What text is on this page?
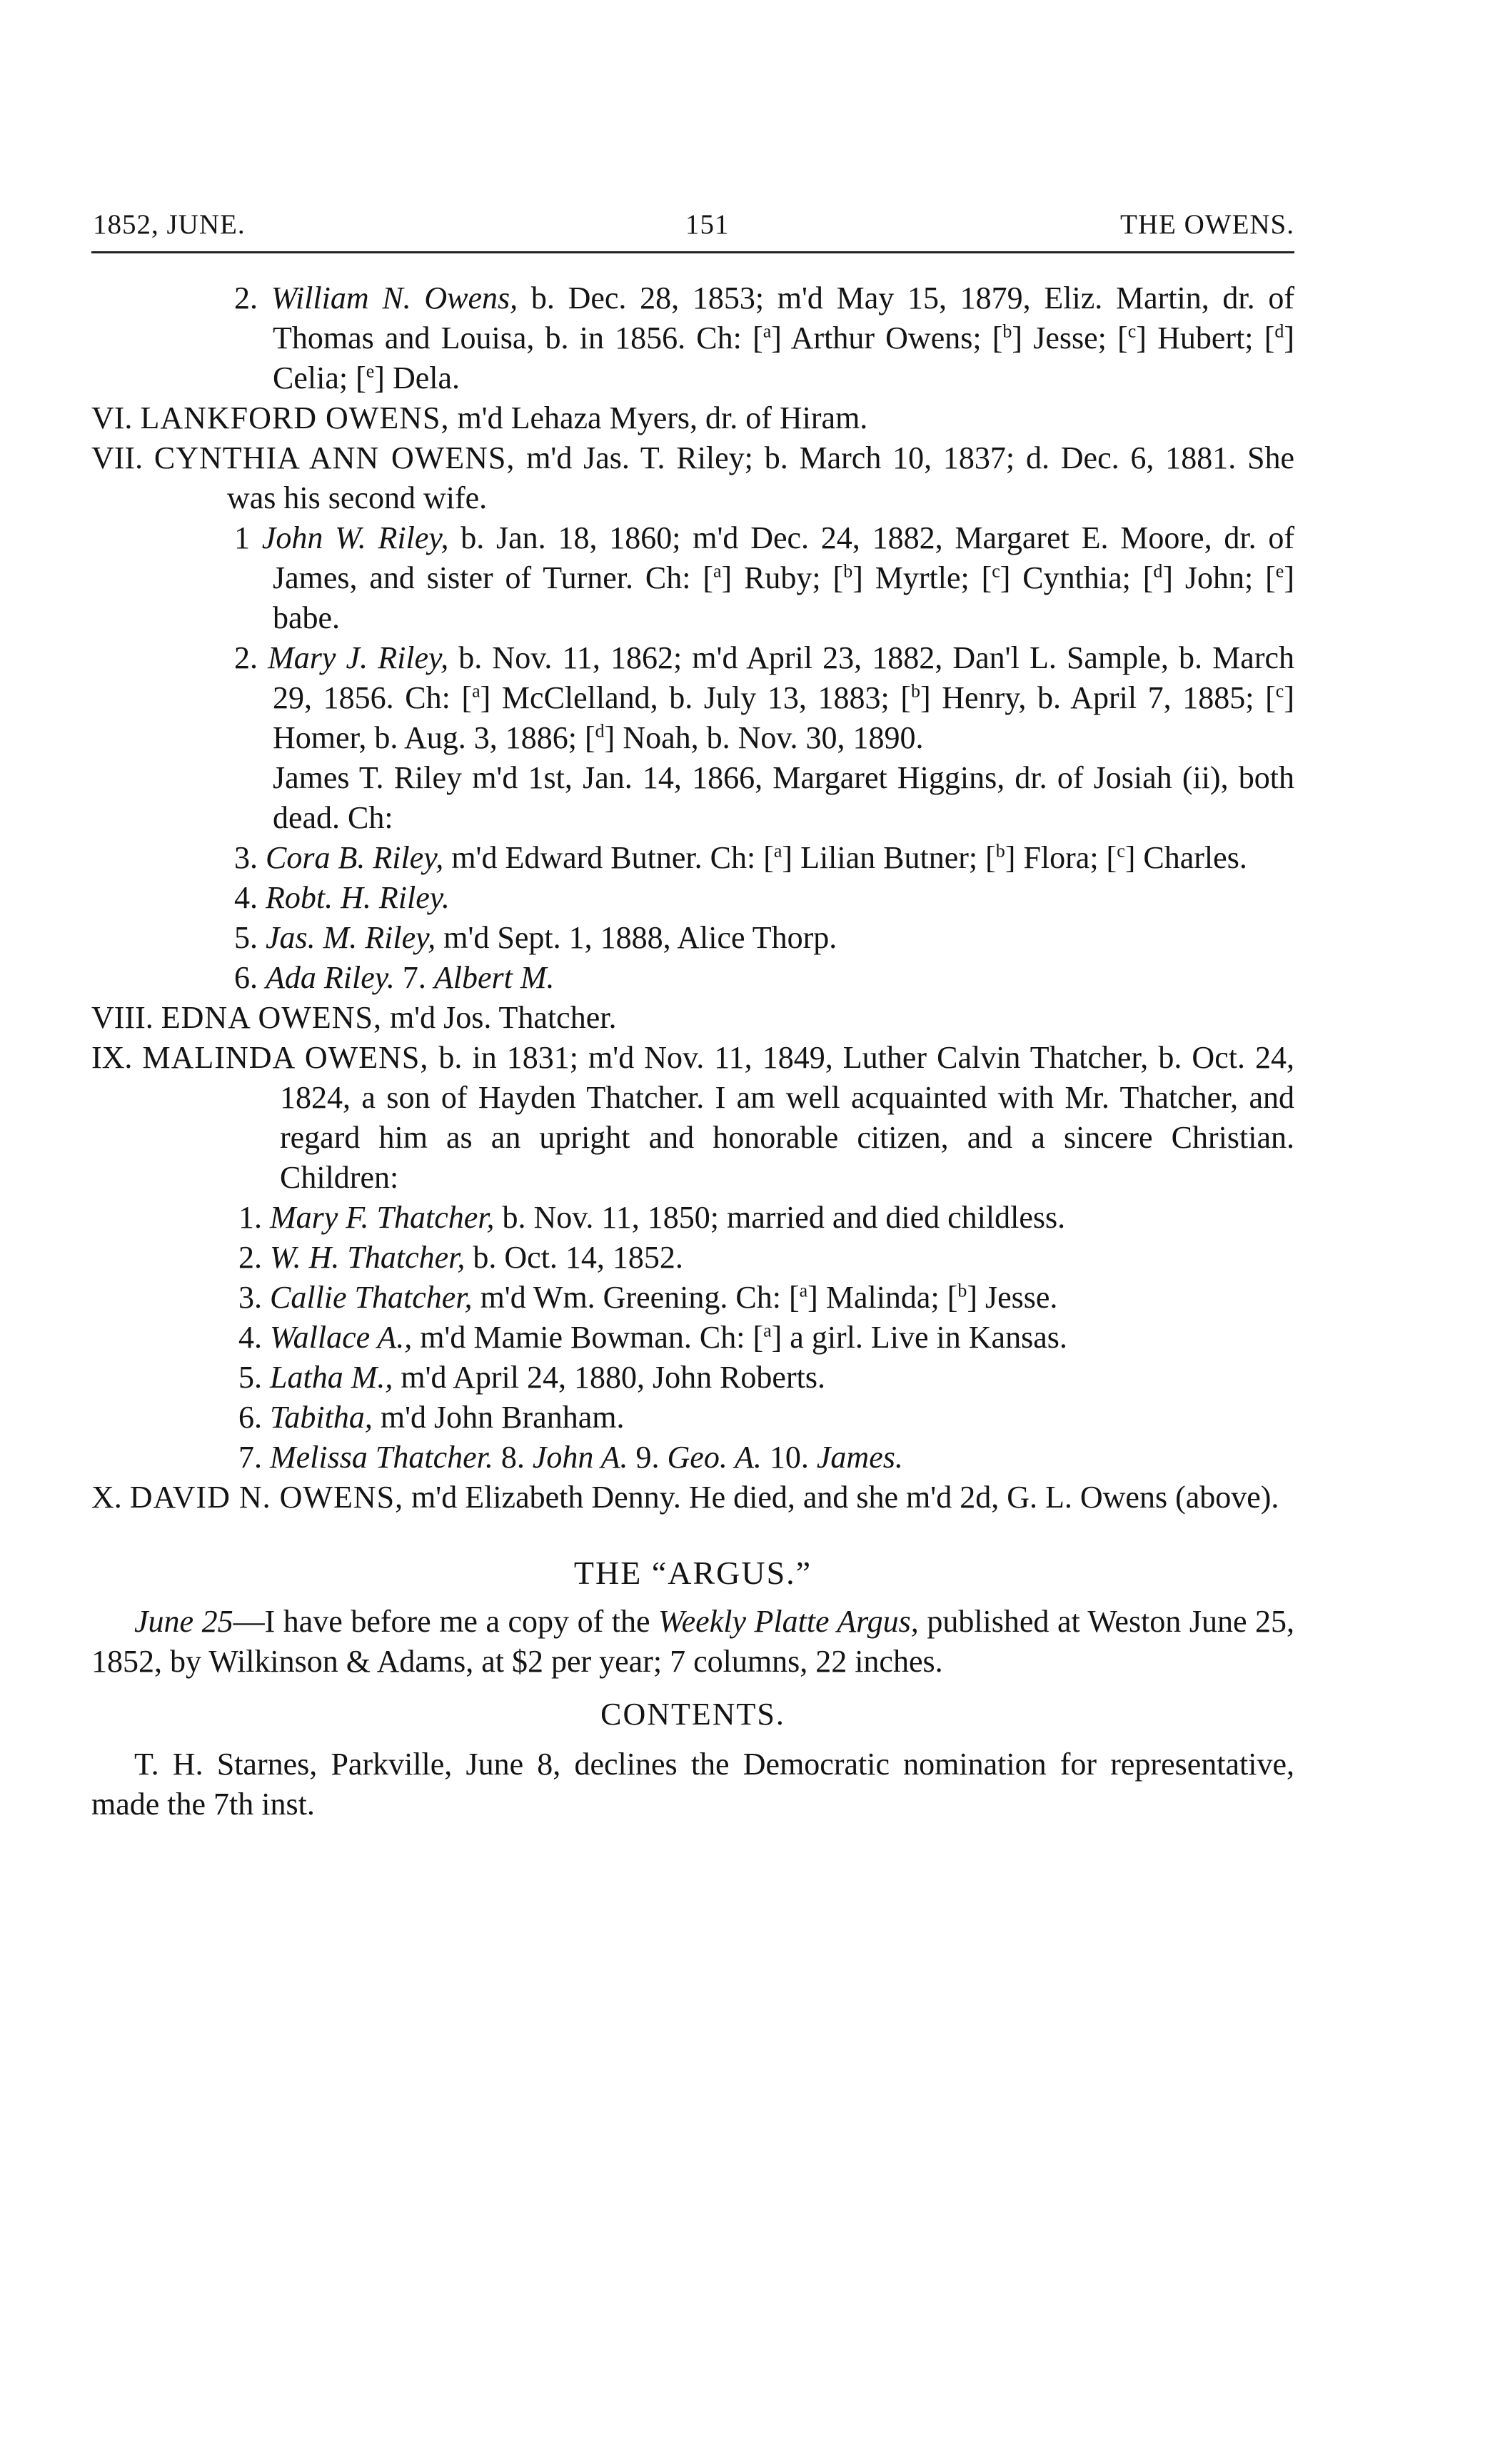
1852, JUNE.	151	THE OWENS.

2. William N. Owens, b. Dec. 28, 1853; m'd May 15, 1879, Eliz. Martin, dr. of Thomas and Louisa, b. in 1856. Ch: [$^a$] Arthur Owens; [$^b$] Jesse; [$^c$] Hubert; [$^d$] Celia; [$^e$] Dela.

VI. LANKFORD OWENS, m'd Lehaza Myers, dr. of Hiram.

VII. CYNTHIA ANN OWENS, m'd Jas. T. Riley; b. March 10, 1837; d. Dec. 6, 1881. She was his second wife.

1 John W. Riley, b. Jan. 18, 1860; m'd Dec. 24, 1882, Margaret E. Moore, dr. of James, and sister of Turner. Ch: [$^a$] Ruby; [$^b$] Myrtle; [$^c$] Cynthia; [$^d$] John; [$^e$] babe.

2. Mary J. Riley, b. Nov. 11, 1862; m'd April 23, 1882, Dan'l L. Sample, b. March 29, 1856. Ch: [$^a$] McClelland, b. July 13, 1883; [$^b$] Henry, b. April 7, 1885; [$^c$] Homer, b. Aug. 3, 1886; [$^d$] Noah, b. Nov. 30, 1890.

James T. Riley m'd 1st, Jan. 14, 1866, Margaret Higgins, dr. of Josiah (ii), both dead. Ch:

3. Cora B. Riley, m'd Edward Butner. Ch: [$^a$] Lilian Butner; [$^b$] Flora; [$^c$] Charles.

4. Robt. H. Riley.

5. Jas. M. Riley, m'd Sept. 1, 1888, Alice Thorp.

6. Ada Riley. 7. Albert M.

VIII. EDNA OWENS, m'd Jos. Thatcher.

IX. MALINDA OWENS, b. in 1831; m'd Nov. 11, 1849, Luther Calvin Thatcher, b. Oct. 24, 1824, a son of Hayden Thatcher. I am well acquainted with Mr. Thatcher, and regard him as an upright and honorable citizen, and a sincere Christian. Children:

1. Mary F. Thatcher, b. Nov. 11, 1850; married and died childless.

2. W. H. Thatcher, b. Oct. 14, 1852.

3. Callie Thatcher, m'd Wm. Greening. Ch: [$^a$] Malinda; [$^b$] Jesse.

4. Wallace A., m'd Mamie Bowman. Ch: [$^a$] a girl. Live in Kansas.

5. Latha M., m'd April 24, 1880, John Roberts.

6. Tabitha, m'd John Branham.

7. Melissa Thatcher. 8. John A. 9. Geo. A. 10. James.

X. DAVID N. OWENS, m'd Elizabeth Denny. He died, and she m'd 2d, G. L. Owens (above).

THE “ARGUS.”

June 25—I have before me a copy of the Weekly Platte Argus, published at Weston June 25, 1852, by Wilkinson & Adams, at $2 per year; 7 columns, 22 inches.

CONTENTS.

T. H. Starnes, Parkville, June 8, declines the Democratic nomination for representative, made the 7th inst.
